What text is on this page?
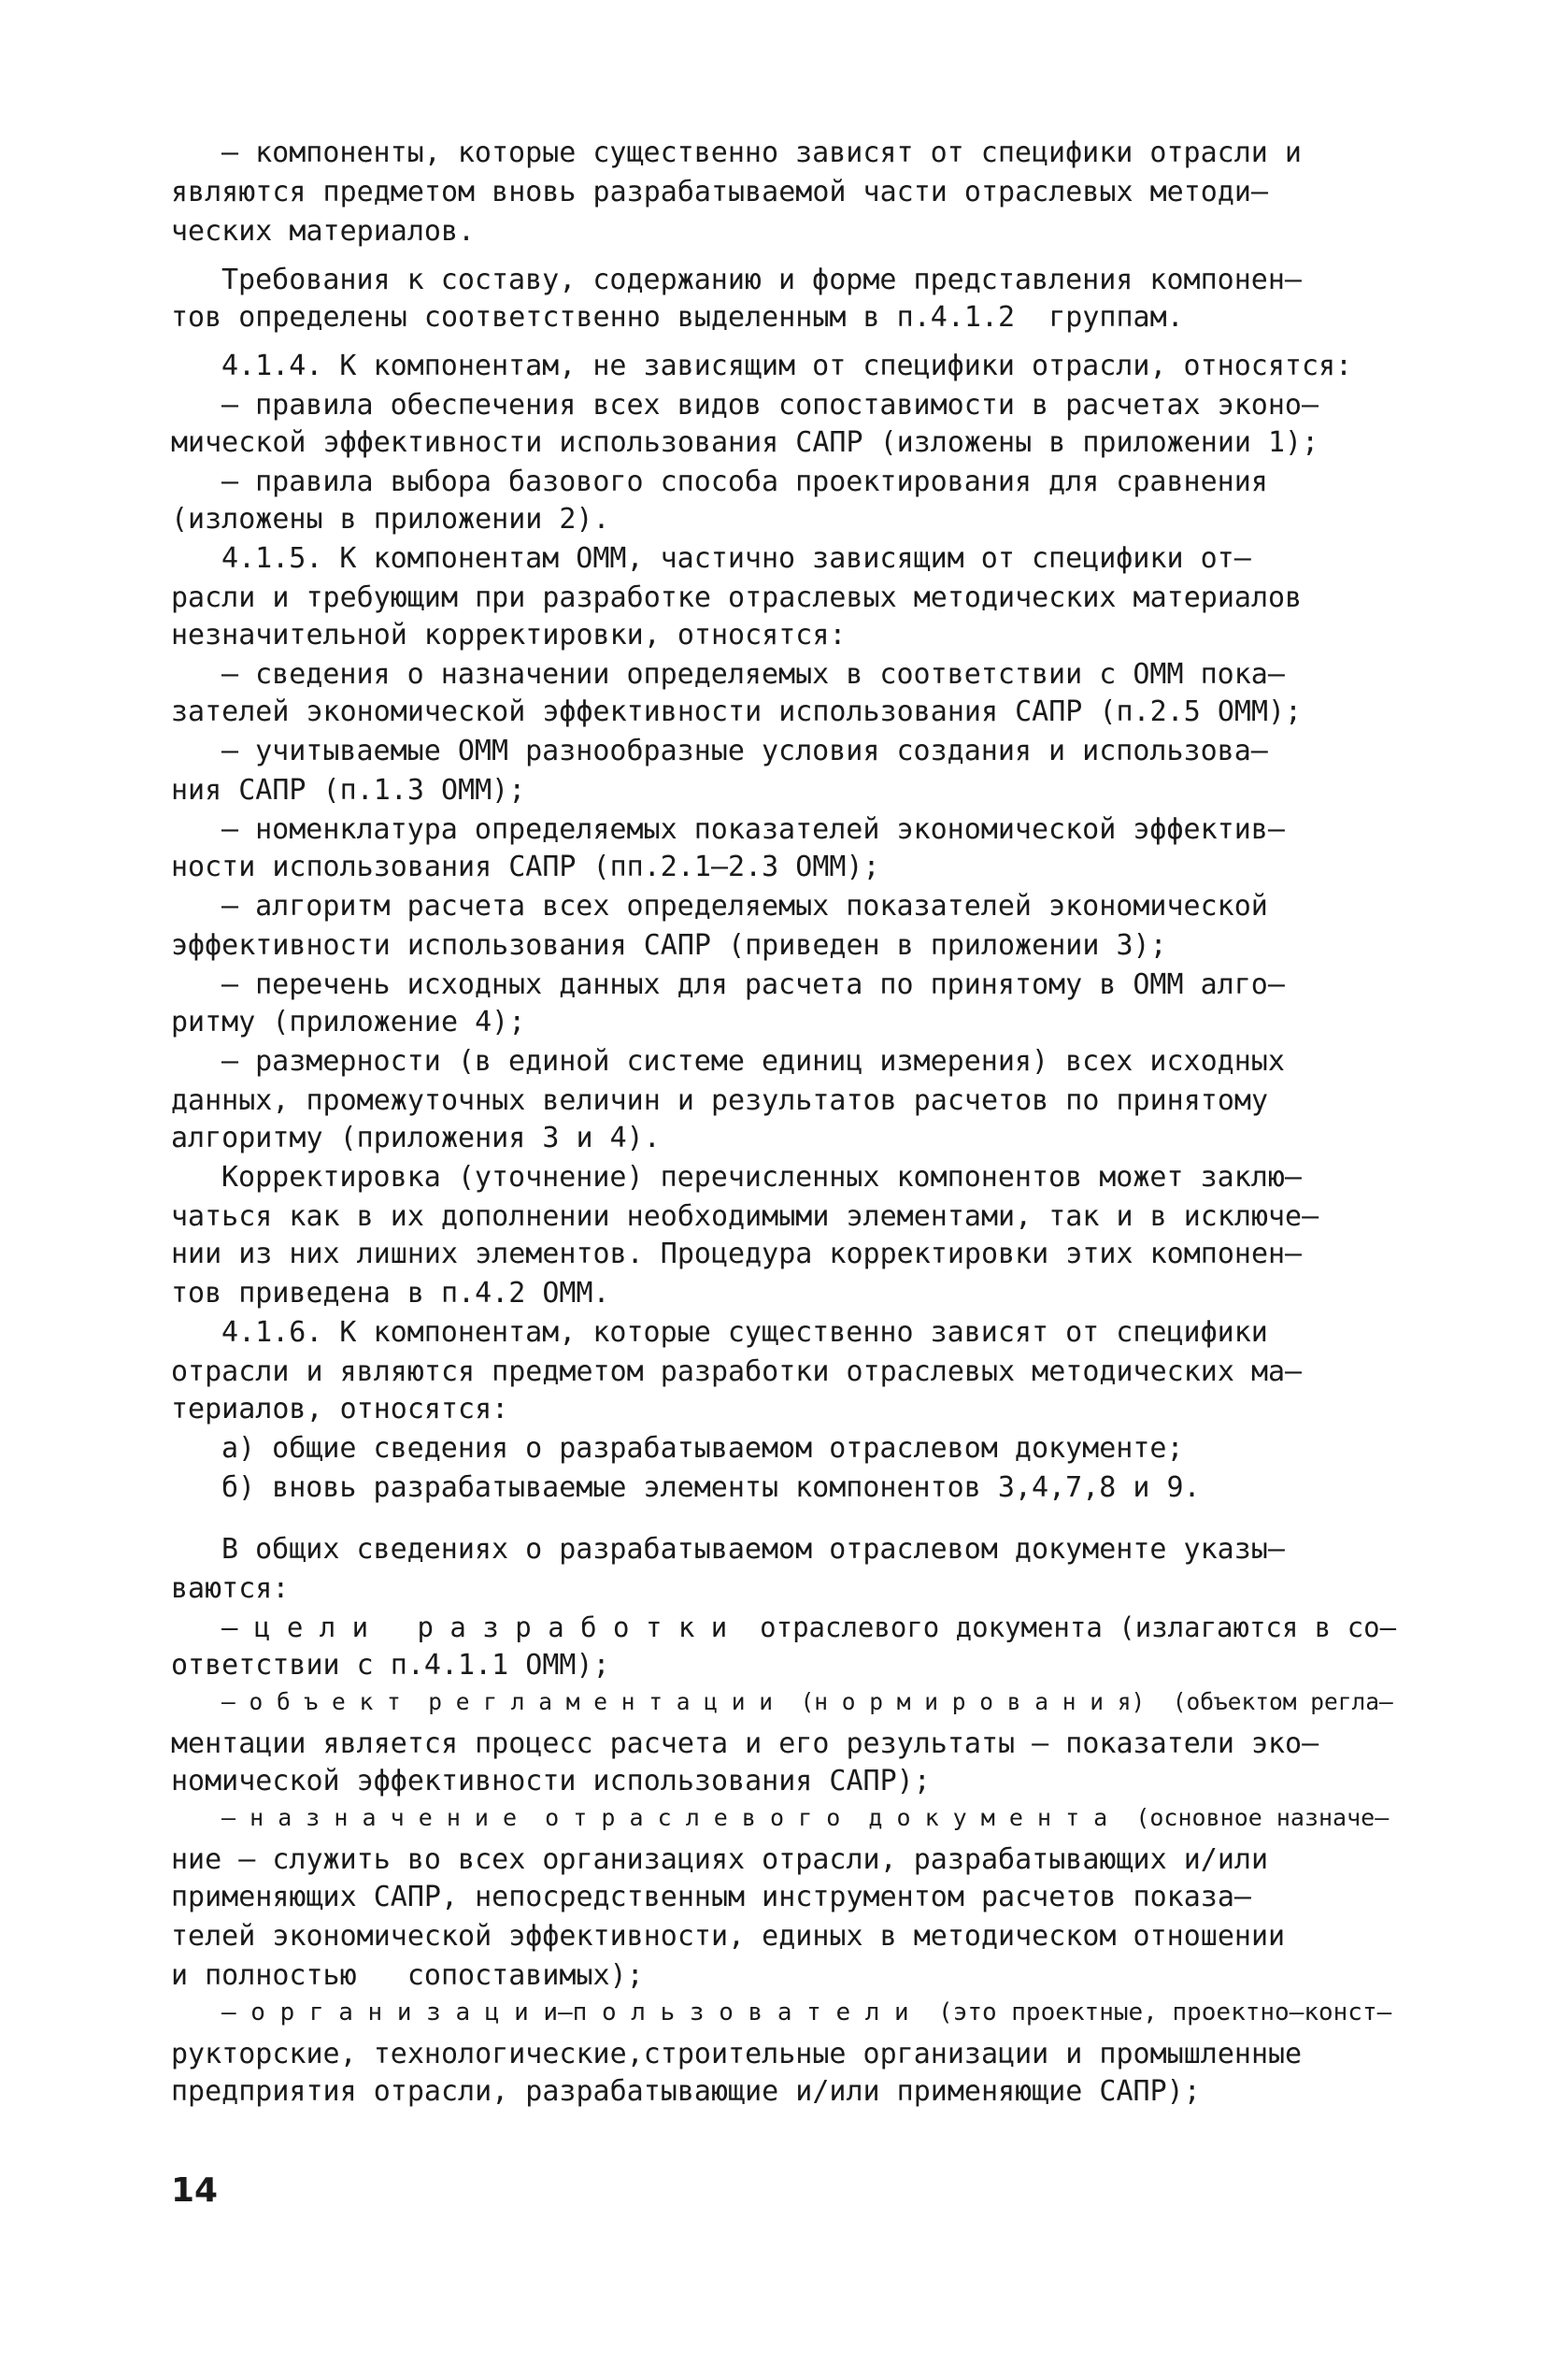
– компоненты, которые существенно зависят от специфики отрасли и
являются предметом вновь разрабатываемой части отраслевых методи–
ческих материалов.
Требования к составу, содержанию и форме представления компонен–
тов определены соответственно выделенным в п.4.1.2  группам.
4.1.4. К компонентам, не зависящим от специфики отрасли, относятся:
– правила обеспечения всех видов сопоставимости в расчетах эконо–
мической эффективности использования САПР (изложены в приложении 1);
– правила выбора базового способа проектирования для сравнения
(изложены в приложении 2).
4.1.5. К компонентам ОММ, частично зависящим от специфики от–
расли и требующим при разработке отраслевых методических материалов
незначительной корректировки, относятся:
– сведения о назначении определяемых в соответствии с ОММ пока–
зателей экономической эффективности использования САПР (п.2.5 ОММ);
– учитываемые ОММ разнообразные условия создания и использова–
ния САПР (п.1.3 ОММ);
– номенклатура определяемых показателей экономической эффектив–
ности использования САПР (пп.2.1–2.3 ОММ);
– алгоритм расчета всех определяемых показателей экономической
эффективности использования САПР (приведен в приложении 3);
– перечень исходных данных для расчета по принятому в ОММ алго–
ритму (приложение 4);
– размерности (в единой системе единиц измерения) всех исходных
данных, промежуточных величин и результатов расчетов по принятому
алгоритму (приложения 3 и 4).
Корректировка (уточнение) перечисленных компонентов может заклю–
чаться как в их дополнении необходимыми элементами, так и в исключе–
нии из них лишних элементов. Процедура корректировки этих компонен–
тов приведена в п.4.2 ОММ.
4.1.6. К компонентам, которые существенно зависят от специфики
отрасли и являются предметом разработки отраслевых методических ма–
териалов, относятся:
а) общие сведения о разрабатываемом отраслевом документе;
б) вновь разрабатываемые элементы компонентов 3,4,7,8 и 9.
В общих сведениях о разрабатываемом отраслевом документе указы–
ваются:
– ц е л и   р а з р а б о т к и  отраслевого документа (излагаются в со–
ответствии с п.4.1.1 ОММ);
– о б ъ е к т  р е г л а м е н т а ц и и  (н о р м и р о в а н и я)  (объектом регла–
ментации является процесс расчета и его результаты – показатели эко–
номической эффективности использования САПР);
– н а з н а ч е н и е  о т р а с л е в о г о  д о к у м е н т а  (основное назначе–
ние – служить во всех организациях отрасли, разрабатывающих и/или
применяющих САПР, непосредственным инструментом расчетов показа–
телей экономической эффективности, единых в методическом отношении
и полностью   сопоставимых);
– о р г а н и з а ц и и–п о л ь з о в а т е л и  (это проектные, проектно–конст–
рукторские, технологические,строительные организации и промышленные
предприятия отрасли, разрабатывающие и/или применяющие САПР);
14
